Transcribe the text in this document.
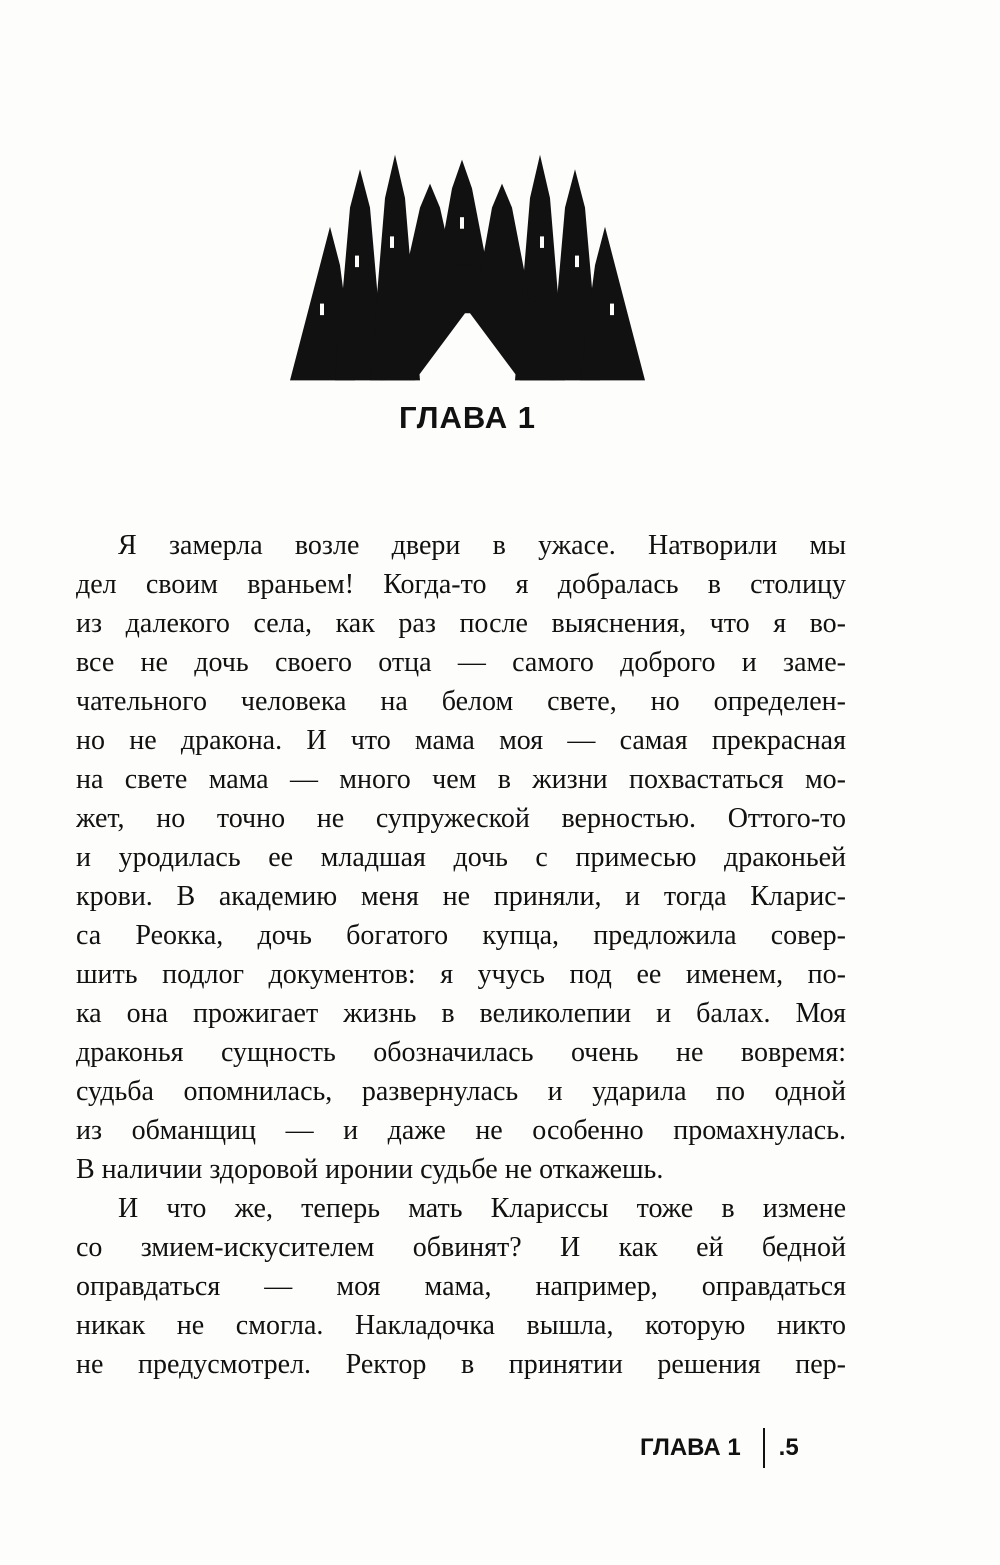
ГЛАВА 1
Я замерла возле двери в ужасе. Натворили мы
дел своим враньем! Когда-то я добралась в столицу
из далекого села, как раз после выяснения, что я во-
все не дочь своего отца — самого доброго и заме-
чательного человека на белом свете, но определен-
но не дракона. И что мама моя — самая прекрасная
на свете мама — много чем в жизни похвастаться мо-
жет, но точно не супружеской верностью. Оттого-то
и уродилась ее младшая дочь с примесью драконьей
крови. В академию меня не приняли, и тогда Кларис-
са Реокка, дочь богатого купца, предложила совер-
шить подлог документов: я учусь под ее именем, по-
ка она прожигает жизнь в великолепии и балах. Моя
драконья сущность обозначилась очень не вовремя:
судьба опомнилась, развернулась и ударила по одной
из обманщиц — и даже не особенно промахнулась.
В наличии здоровой иронии судьбе не откажешь.
И что же, теперь мать Клариссы тоже в измене
со змием-искусителем обвинят? И как ей бедной
оправдаться — моя мама, например, оправдаться
никак не смогла. Накладочка вышла, которую никто
не предусмотрел. Ректор в принятии решения пер-
ГЛАВА 1 .5
